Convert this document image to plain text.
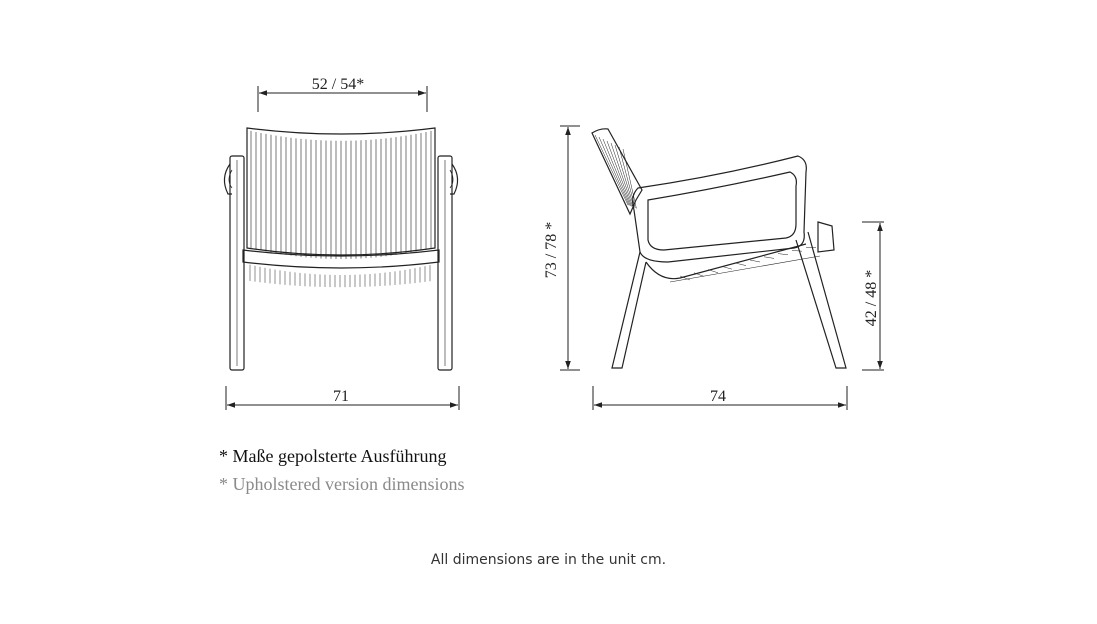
52 / 54*
71
73 / 78 *
42 / 48 *
74
* Maße gepolsterte Ausführung
* Upholstered version dimensions
All dimensions are in the unit cm.
